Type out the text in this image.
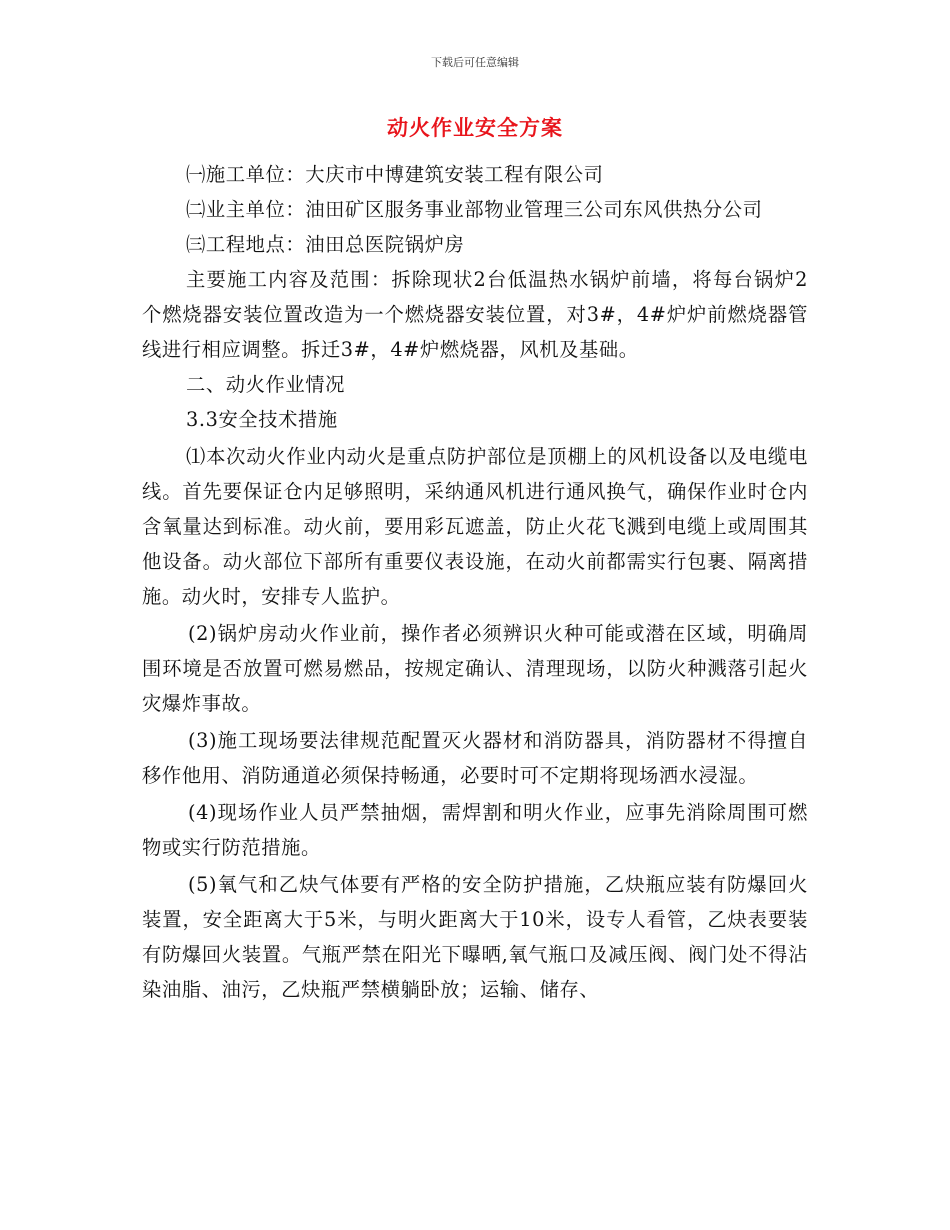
下载后可任意编辑
动火作业安全方案

㈠施工单位：大庆市中博建筑安装工程有限公司

㈡业主单位：油田矿区服务事业部物业管理三公司东风供热分公司

㈢工程地点：油田总医院锅炉房

主要施工内容及范围：拆除现状2台低温热水锅炉前墙，将每台锅炉2个燃烧器安装位置改造为一个燃烧器安装位置，对3#，4#炉炉前燃烧器管线进行相应调整。拆迁3#，4#炉燃烧器，风机及基础。

二、动火作业情况

3.3安全技术措施

⑴本次动火作业内动火是重点防护部位是顶棚上的风机设备以及电缆电线。首先要保证仓内足够照明，采纳通风机进行通风换气，确保作业时仓内含氧量达到标准。动火前，要用彩瓦遮盖，防止火花飞溅到电缆上或周围其他设备。动火部位下部所有重要仪表设施，在动火前都需实行包裹、隔离措施。动火时，安排专人监护。

(2)锅炉房动火作业前，操作者必须辨识火种可能或潜在区域，明确周围环境是否放置可燃易燃品，按规定确认、清理现场，以防火种溅落引起火灾爆炸事故。

(3)施工现场要法律规范配置灭火器材和消防器具，消防器材不得擅自移作他用、消防通道必须保持畅通，必要时可不定期将现场洒水浸湿。

(4)现场作业人员严禁抽烟，需焊割和明火作业，应事先消除周围可燃物或实行防范措施。

(5)氧气和乙炔气体要有严格的安全防护措施，乙炔瓶应装有防爆回火装置，安全距离大于5米，与明火距离大于10米，设专人看管，乙炔表要装有防爆回火装置。气瓶严禁在阳光下曝晒,氧气瓶口及减压阀、阀门处不得沾染油脂、油污，乙炔瓶严禁横躺卧放；运输、储存、
